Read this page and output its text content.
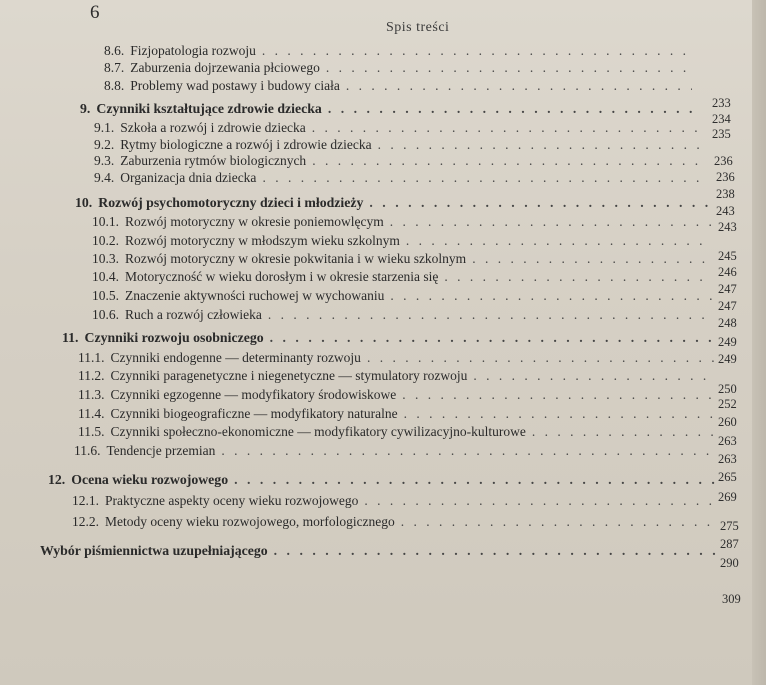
6
Spis treści
8.6. Fizjopatologia rozwoju
. . .
8.7. Zaburzenia dojrzewania płciowego
. . .
8.8. Problemy wad postawy i budowy ciała
. . .
9. Czynniki kształtujące zdrowie dziecka
. . .
9.1. Szkoła a rozwój i zdrowie dziecka
. . .
9.2. Rytmy biologiczne a rozwój i zdrowie dziecka
. . .
9.3. Zaburzenia rytmów biologicznych
. . .
9.4. Organizacja dnia dziecka
. . .
10. Rozwój psychomotoryczny dzieci i młodzieży
. . .
10.1. Rozwój motoryczny w okresie poniemowlęcym
. . .
10.2. Rozwój motoryczny w młodszym wieku szkolnym
. . .
10.3. Rozwój motoryczny w okresie pokwitania i w wieku szkolnym
. . .
10.4. Motoryczność w wieku dorosłym i w okresie starzenia się
. . .
10.5. Znaczenie aktywności ruchowej w wychowaniu
. . .
10.6. Ruch a rozwój człowieka
. . .
11. Czynniki rozwoju osobniczego
. . .
11.1. Czynniki endogenne — determinanty rozwoju
. . .
11.2. Czynniki paragenetyczne i niegenetyczne — stymulatory rozwoju
. . .
11.3. Czynniki egzogenne — modyfikatory środowiskowe
. . .
11.4. Czynniki biogeograficzne — modyfikatory naturalne
. . .
11.5. Czynniki społeczno-ekonomiczne — modyfikatory cywilizacyjno-kulturowe
. . .
11.6. Tendencje przemian
. . .
12. Ocena wieku rozwojowego
. . .
12.1. Praktyczne aspekty oceny wieku rozwojowego
. . .
12.2. Metody oceny wieku rozwojowego, morfologicznego
. . .
Wybór piśmiennictwa uzupełniającego
. . .
233
234
235
236
236
238
243
243
245
246
247
247
248
249
249
250
252
260
263
263
265
269
275
287
290
309
